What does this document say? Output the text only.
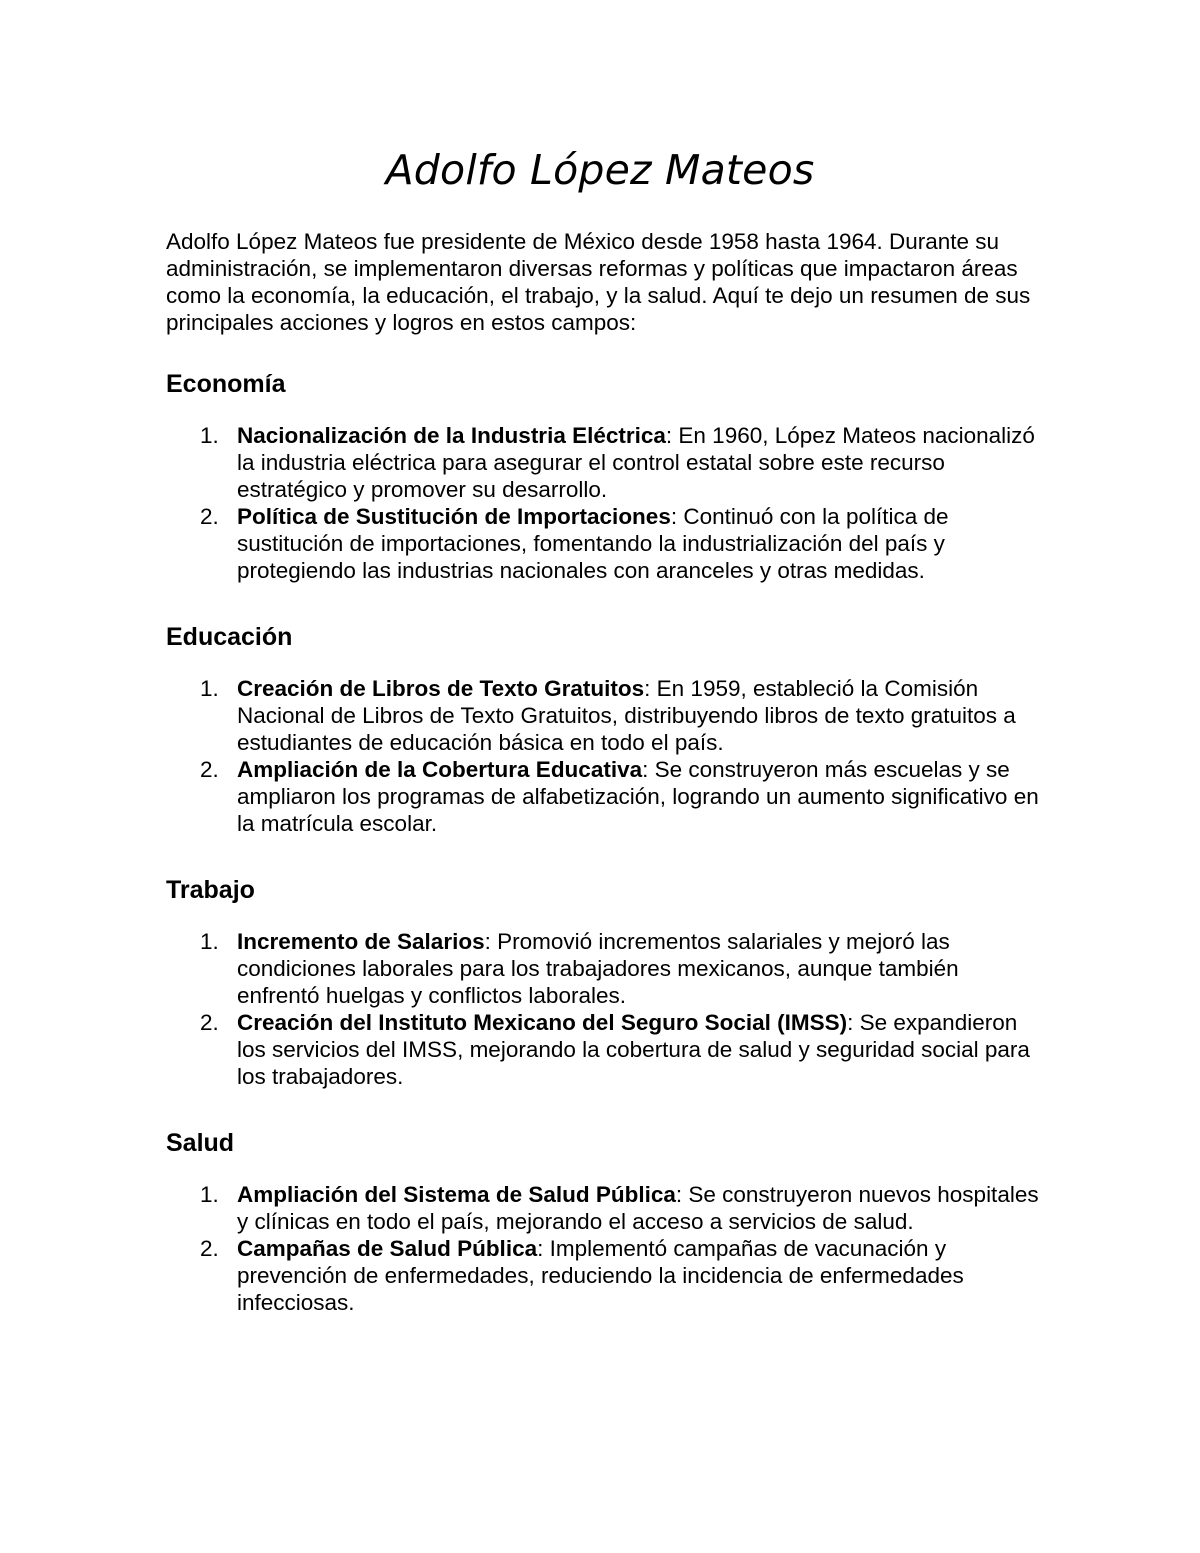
Adolfo López Mateos

Adolfo López Mateos fue presidente de México desde 1958 hasta 1964. Durante su administración, se implementaron diversas reformas y políticas que impactaron áreas como la economía, la educación, el trabajo, y la salud. Aquí te dejo un resumen de sus principales acciones y logros en estos campos:

Economía
1. Nacionalización de la Industria Eléctrica: En 1960, López Mateos nacionalizó la industria eléctrica para asegurar el control estatal sobre este recurso estratégico y promover su desarrollo.
2. Política de Sustitución de Importaciones: Continuó con la política de sustitución de importaciones, fomentando la industrialización del país y protegiendo las industrias nacionales con aranceles y otras medidas.
Educación
1. Creación de Libros de Texto Gratuitos: En 1959, estableció la Comisión Nacional de Libros de Texto Gratuitos, distribuyendo libros de texto gratuitos a estudiantes de educación básica en todo el país.
2. Ampliación de la Cobertura Educativa: Se construyeron más escuelas y se ampliaron los programas de alfabetización, logrando un aumento significativo en la matrícula escolar.
Trabajo
1. Incremento de Salarios: Promovió incrementos salariales y mejoró las condiciones laborales para los trabajadores mexicanos, aunque también enfrentó huelgas y conflictos laborales.
2. Creación del Instituto Mexicano del Seguro Social (IMSS): Se expandieron los servicios del IMSS, mejorando la cobertura de salud y seguridad social para los trabajadores.
Salud
1. Ampliación del Sistema de Salud Pública: Se construyeron nuevos hospitales y clínicas en todo el país, mejorando el acceso a servicios de salud.
2. Campañas de Salud Pública: Implementó campañas de vacunación y prevención de enfermedades, reduciendo la incidencia de enfermedades infecciosas.
